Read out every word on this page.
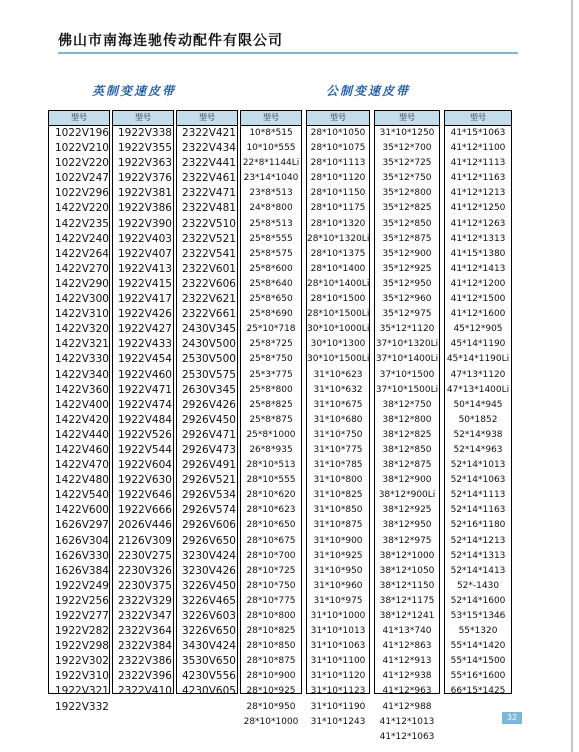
佛山市南海连驰传动配件有限公司
英制变速皮带	公制变速皮带
型号
1022V196
1022V210
1022V220
1022V247
1022V296
1422V220
1422V235
1422V240
1422V264
1422V270
1422V290
1422V300
1422V310
1422V320
1422V321
1422V330
1422V340
1422V360
1422V400
1422V420
1422V440
1422V460
1422V470
1422V480
1422V540
1422V600
1626V297
1626V304
1626V330
1626V384
1922V249
1922V256
1922V277
1922V282
1922V298
1922V302
1922V310
1922V321
1922V332
型号
1922V338
1922V355
1922V363
1922V376
1922V381
1922V386
1922V390
1922V403
1922V407
1922V413
1922V415
1922V417
1922V426
1922V427
1922V433
1922V454
1922V460
1922V471
1922V474
1922V484
1922V526
1922V544
1922V604
1922V630
1922V646
1922V666
2026V446
2126V309
2230V275
2230V326
2230V375
2322V329
2322V347
2322V364
2322V384
2322V386
2322V396
2322V410
型号
2322V421
2322V434
2322V441
2322V461
2322V471
2322V481
2322V510
2322V521
2322V541
2322V601
2322V606
2322V621
2322V661
2430V345
2430V500
2530V500
2530V575
2630V345
2926V426
2926V450
2926V471
2926V473
2926V491
2926V521
2926V534
2926V574
2926V606
2926V650
3230V424
3230V426
3226V450
3226V465
3226V603
3226V650
3430V424
3530V650
4230V556
4230V605
型号
10*8*515
10*10*555
22*8*1144Li
23*14*1040
23*8*513
24*8*800
25*8*513
25*8*555
25*8*575
25*8*600
25*8*640
25*8*650
25*8*690
25*10*718
25*8*725
25*8*750
25*3*775
25*8*800
25*8*825
25*8*875
25*8*1000
26*8*935
28*10*513
28*10*555
28*10*620
28*10*623
28*10*650
28*10*675
28*10*700
28*10*725
28*10*750
28*10*775
28*10*800
28*10*825
28*10*850
28*10*875
28*10*900
28*10*925
28*10*950
28*10*1000
型号
28*10*1050
28*10*1075
28*10*1113
28*10*1120
28*10*1150
28*10*1175
28*10*1320
28*10*1320Li
28*10*1375
28*10*1400
28*10*1400Li
28*10*1500
28*10*1500Li
30*10*1000Li
30*10*1300
30*10*1500Li
31*10*623
31*10*632
31*10*675
31*10*680
31*10*750
31*10*775
31*10*785
31*10*800
31*10*825
31*10*850
31*10*875
31*10*900
31*10*925
31*10*950
31*10*960
31*10*975
31*10*1000
31*10*1013
31*10*1063
31*10*1100
31*10*1120
31*10*1123
31*10*1190
31*10*1243
型号
31*10*1250
35*12*700
35*12*725
35*12*750
35*12*800
35*12*825
35*12*850
35*12*875
35*12*900
35*12*925
35*12*950
35*12*960
35*12*975
35*12*1120
37*10*1320Li
37*10*1400Li
37*10*1500
37*10*1500Li
38*12*750
38*12*800
38*12*825
38*12*850
38*12*875
38*12*900
38*12*900Li
38*12*925
38*12*950
38*12*975
38*12*1000
38*12*1050
38*12*1150
38*12*1175
38*12*1241
41*13*740
41*12*863
41*12*913
41*12*938
41*12*963
41*12*988
41*12*1013
41*12*1063
型号
41*15*1063
41*12*1100
41*12*1113
41*12*1163
41*12*1213
41*12*1250
41*12*1263
41*12*1313
41*15*1380
41*12*1413
41*12*1200
41*12*1500
41*12*1600
45*12*905
45*14*1190
45*14*1190Li
47*13*1120
47*13*1400Li
50*14*945
50*1852
52*14*938
52*14*963
52*14*1013
52*14*1063
52*14*1113
52*14*1163
52*16*1180
52*14*1213
52*14*1313
52*14*1413
52*-1430
52*14*1600
53*15*1346
55*1320
55*14*1420
55*14*1500
55*16*1600
66*15*1425
32
